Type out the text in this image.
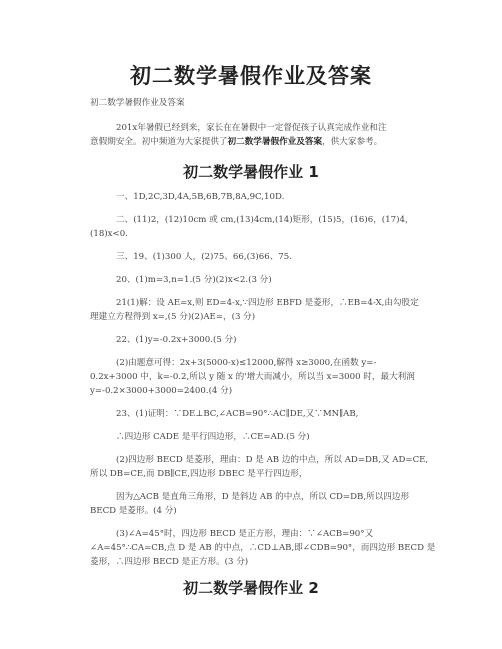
初二数学暑假作业及答案
初二数学暑假作业及答案
201x年暑假已经到来，家长在在暑假中一定督促孩子认真完成作业和注
意假期安全。初中频道为大家提供了初二数学暑假作业及答案，供大家参考。
初二数学暑假作业 1
一、1D,2C,3D,4A,5B,6B,7B,8A,9C,10D.
二、(11)2，(12)10cm 或 cm,(13)4cm,(14)矩形，(15)5，(16)6，(17)4，
(18)x<0.
三、19、(1)300 人，(2)75、66,(3)66、75.
20、(1)m=3,n=1.(5 分)(2)x<2.(3 分)
21(1)解：设 AE=x,则 ED=4-x,∵四边形 EBFD 是菱形，∴EB=4-X,由勾股定
理建立方程得到 x=,(5 分)(2)AE=，(3 分)
22、(1)y=-0.2x+3000.(5 分)
(2)由题意可得：2x+3(5000-x)≤12000,解得 x≥3000,在函数 y=-
0.2x+3000 中，k=-0.2,所以 y 随 x 的'增大而减小，所以当 x=3000 时，最大利润
y=-0.2×3000+3000=2400.(4 分)
23、(1)证明：∵DE⊥BC,∠ACB=90°∴AC∥DE,又∵MN∥AB,
∴四边形 CADE 是平行四边形，∴CE=AD.(5 分)
(2)四边形 BECD 是菱形，理由：D 是 AB 边的中点，所以 AD=DB,又 AD=CE,
所以 DB=CE,而 DB∥CE,四边形 DBEC 是平行四边形，
因为△ACB 是直角三角形，D 是斜边 AB 的中点，所以 CD=DB,所以四边形
BECD 是菱形。(4 分)
(3)∠A=45°时，四边形 BECD 是正方形，理由：∵∠ACB=90°又
∠A=45°∴CA=CB,点 D 是 AB 的中点，∴CD⊥AB,即∠CDB=90°，而四边形 BECD 是
菱形，∴四边形 BECD 是正方形。(3 分)
初二数学暑假作业 2
